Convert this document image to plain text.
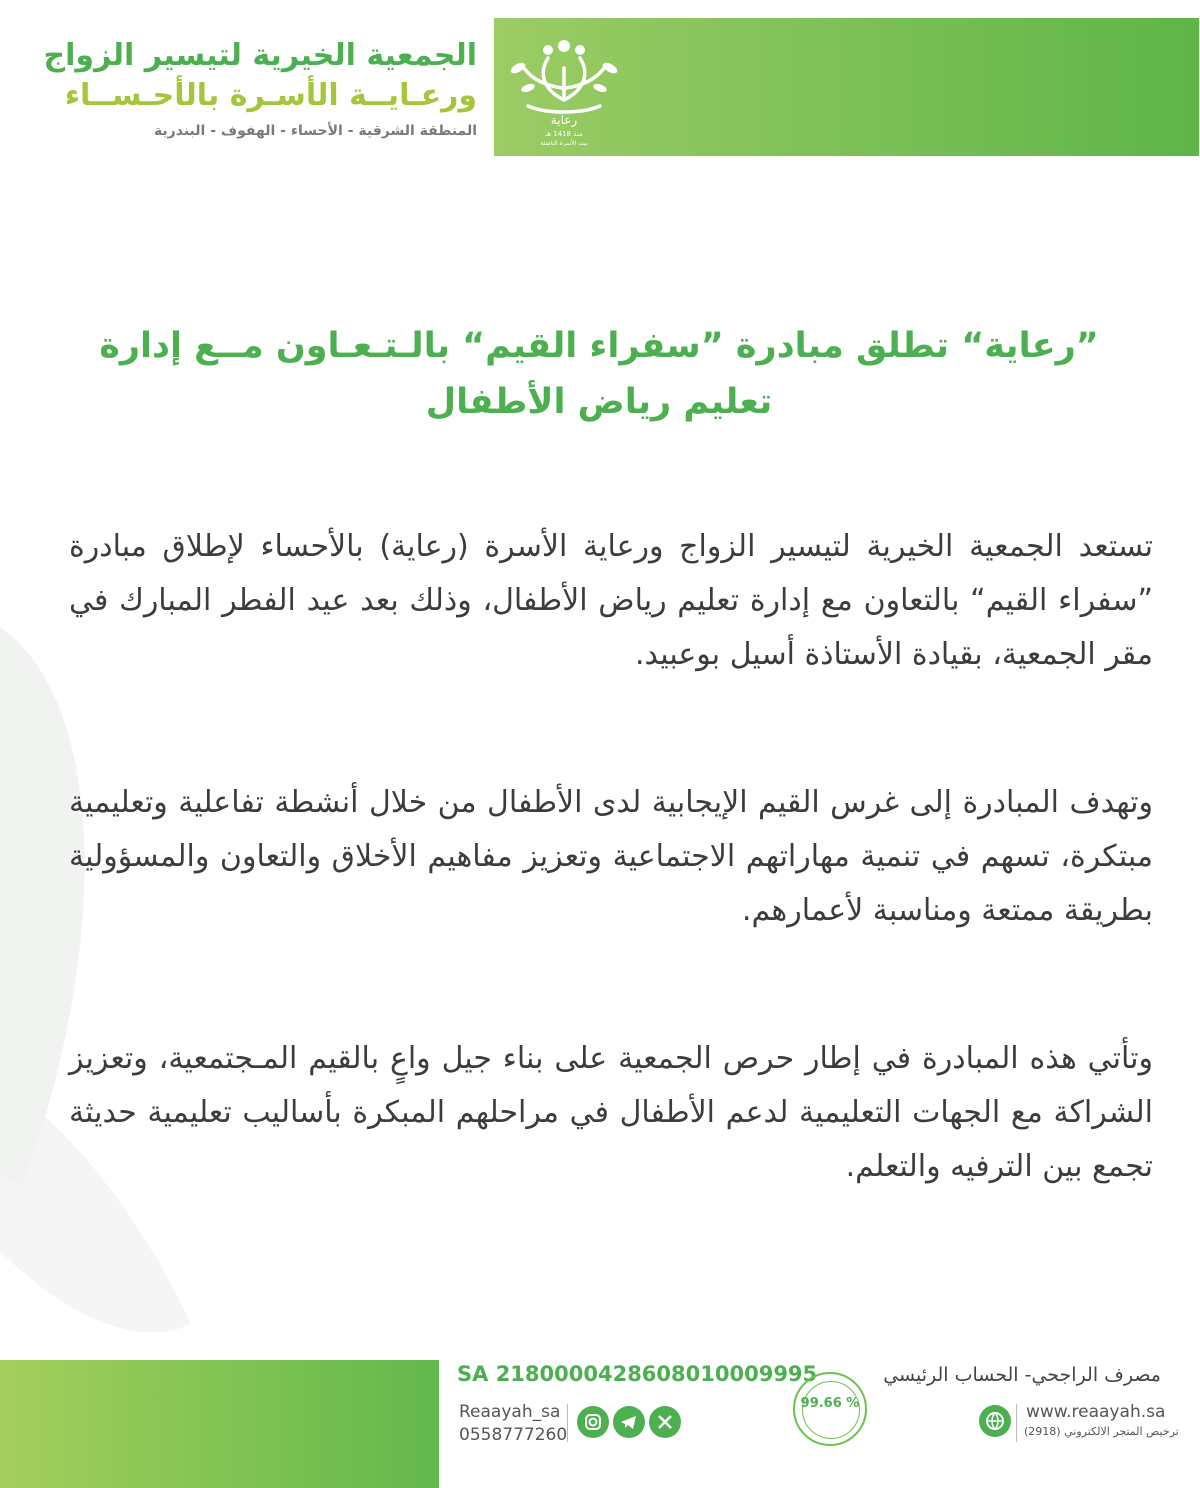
رعاية
منذ 1418 هـ
بيت الأسرة الناشئة

الجمعية الخيرية لتيسير الزواج

ورعـايــة الأسـرة بالأحـســاء

المنطقة الشرقية - الأحساء - الهفوف - البندرية

”رعاية“ تطلق مبادرة ”سفراء القيم“ بالـتـعـاون مــع إدارة
تعليم رياض الأطفال

تستعد الجمعية الخيرية لتيسير الزواج ورعاية الأسرة (رعاية) بالأحساء لإطلاق مبادرة ”سفراء القيم“ بالتعاون مع إدارة تعليم رياض الأطفال، وذلك بعد عيد الفطر المبارك في مقر الجمعية، بقيادة الأستاذة أسيل بوعبيد.

وتهدف المبادرة إلى غرس القيم الإيجابية لدى الأطفال من خلال أنشطة تفاعلية وتعليمية مبتكرة، تسهم في تنمية مهاراتهم الاجتماعية وتعزيز مفاهيم الأخلاق والتعاون والمسؤولية بطريقة ممتعة ومناسبة لأعمارهم.

وتأتي هذه المبادرة في إطار حرص الجمعية على بناء جيل واعٍ بالقيم المـجتمعية، وتعزيز الشراكة مع الجهات التعليمية لدعم الأطفال في مراحلهم المبكرة بأساليب تعليمية حديثة تجمع بين الترفيه والتعلم.

SA 2180000428608010009995

Reaayah_sa
0558777260
% 99.66

مصرف الراجحي- الحساب الرئيسي

www.reaayah.sa
ترخيص المتجر الالكتروني (2918)
